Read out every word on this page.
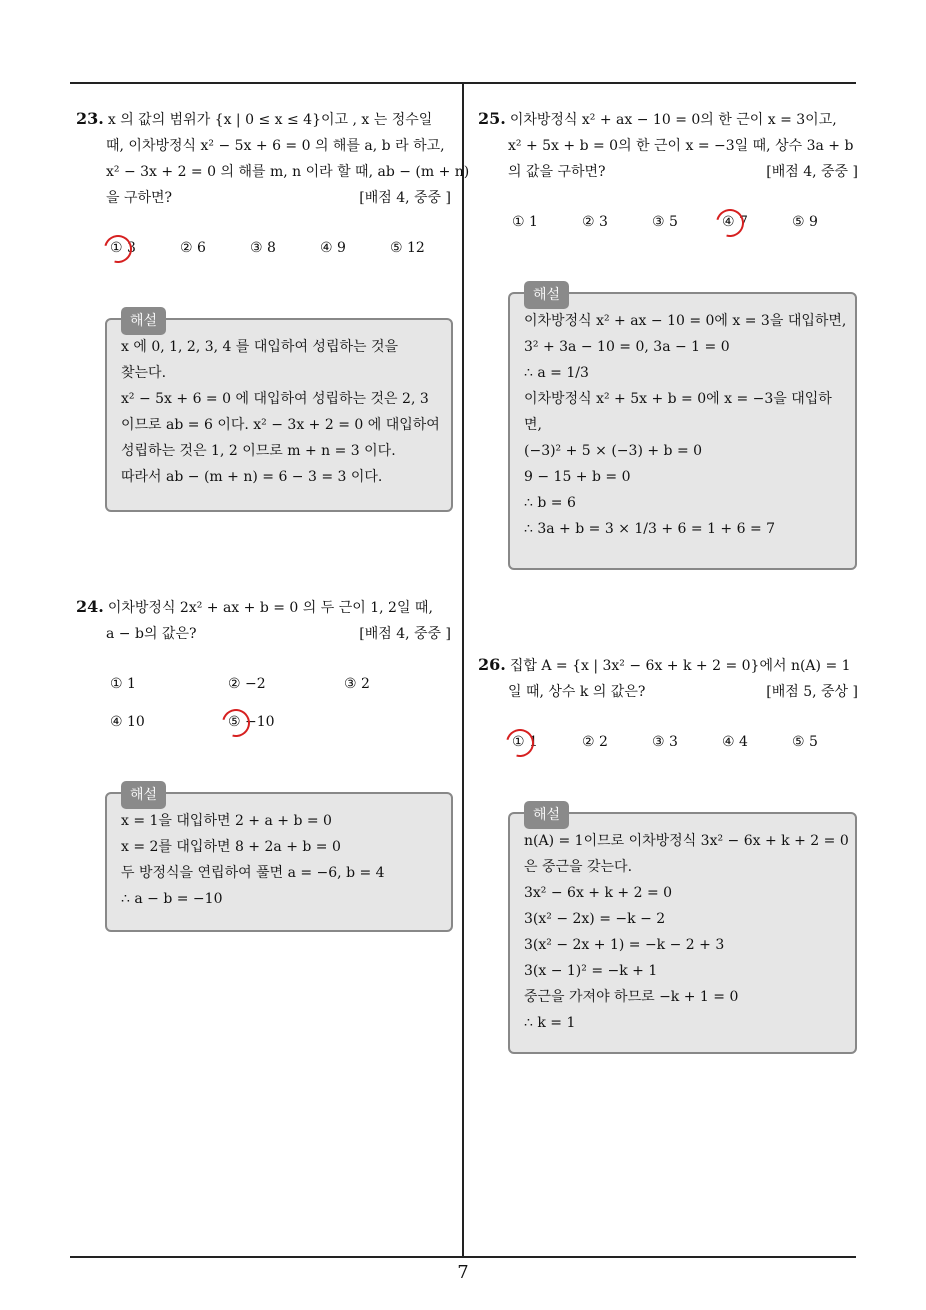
23. x 의 값의 범위가 {x | 0 ≤ x ≤ 4}이고 , x 는 정수일
때, 이차방정식 x² − 5x + 6 = 0 의 해를 a, b 라 하고,
x² − 3x + 2 = 0 의 해를 m, n 이라 할 때, ab − (m + n)
을 구하면?	[배점 4, 중중 ]
① 3	② 6	③ 8	④ 9	⑤ 12
해설
x 에 0, 1, 2, 3, 4 를 대입하여 성립하는 것을
찾는다.
x² − 5x + 6 = 0 에 대입하여 성립하는 것은 2, 3
이므로 ab = 6 이다. x² − 3x + 2 = 0 에 대입하여
성립하는 것은 1, 2 이므로 m + n = 3 이다.
따라서 ab − (m + n) = 6 − 3 = 3 이다.
24. 이차방정식 2x² + ax + b = 0 의 두 근이 1, 2일 때,
a − b의 값은?	[배점 4, 중중 ]
① 1	② −2	③ 2
④ 10	⑤ −10
해설
x = 1을 대입하면 2 + a + b = 0
x = 2를 대입하면 8 + 2a + b = 0
두 방정식을 연립하여 풀면 a = −6, b = 4
∴ a − b = −10
25. 이차방정식 x² + ax − 10 = 0의 한 근이 x = 3이고,
x² + 5x + b = 0의 한 근이 x = −3일 때, 상수 3a + b
의 값을 구하면?	[배점 4, 중중 ]
① 1	② 3	③ 5	④ 7	⑤ 9
해설
이차방정식 x² + ax − 10 = 0에 x = 3을 대입하면,
3² + 3a − 10 = 0, 3a − 1 = 0
∴ a = 1/3
이차방정식 x² + 5x + b = 0에 x = −3을 대입하
면,
(−3)² + 5 × (−3) + b = 0
9 − 15 + b = 0
∴ b = 6
∴ 3a + b = 3 × 1/3 + 6 = 1 + 6 = 7
26. 집합 A = {x | 3x² − 6x + k + 2 = 0}에서 n(A) = 1
일 때, 상수 k 의 값은?	[배점 5, 중상 ]
① 1	② 2	③ 3	④ 4	⑤ 5
해설
n(A) = 1이므로 이차방정식 3x² − 6x + k + 2 = 0
은 중근을 갖는다.
3x² − 6x + k + 2 = 0
3(x² − 2x) = −k − 2
3(x² − 2x + 1) = −k − 2 + 3
3(x − 1)² = −k + 1
중근을 가져야 하므로 −k + 1 = 0
∴ k = 1
7
